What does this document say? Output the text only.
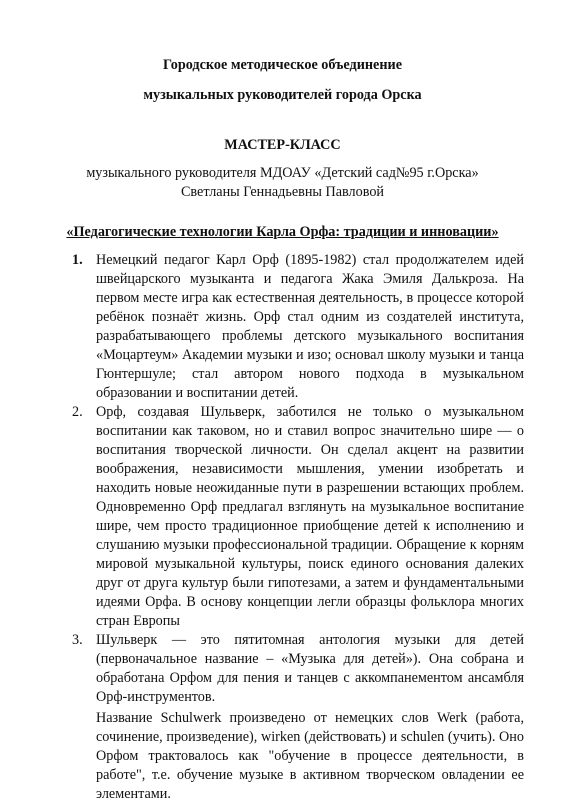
Городское методическое объединение
музыкальных руководителей города Орска
МАСТЕР-КЛАСС
музыкального руководителя МДОАУ «Детский сад№95 г.Орска»
Светланы Геннадьевны Павловой
«Педагогические технологии Карла Орфа: традиции и инновации»
1. Немецкий педагог Карл Орф (1895-1982) стал продолжателем идей швейцарского музыканта и педагога Жака Эмиля Далькроза. На первом месте игра как естественная деятельность, в процессе которой ребёнок познаёт жизнь. Орф стал одним из создателей института, разрабатывающего проблемы детского музыкального воспитания «Моцартеум» Академии музыки и изо; основал школу музыки и танца Гюнтершуле; стал автором нового подхода в музыкальном образовании и воспитании детей.
2. Орф, создавая Шульверк, заботился не только о музыкальном воспитании как таковом, но и ставил вопрос значительно шире — о воспитания творческой личности. Он сделал акцент на развитии воображения, независимости мышления, умении изобретать и находить новые неожиданные пути в разрешении встающих проблем. Одновременно Орф предлагал взглянуть на музыкальное воспитание шире, чем просто традиционное приобщение детей к исполнению и слушанию музыки профессиональной традиции. Обращение к корням мировой музыкальной культуры, поиск единого основания далеких друг от друга культур были гипотезами, а затем и фундаментальными идеями Орфа. В основу концепции легли образцы фольклора многих стран Европы
3. Шульверк — это пятитомная антология музыки для детей (первоначальное название – «Музыка для детей»). Она собрана и обработана Орфом для пения и танцев с аккомпанементом ансамбля Орф-инструментов.
Название Schulwerk произведено от немецких слов Werk (работа, сочинение, произведение), wirken (действовать) и schulen (учить). Оно Орфом трактовалось как "обучение в процессе деятельности, в работе", т.е. обучение музыке в активном творческом овладении ее элементами.
